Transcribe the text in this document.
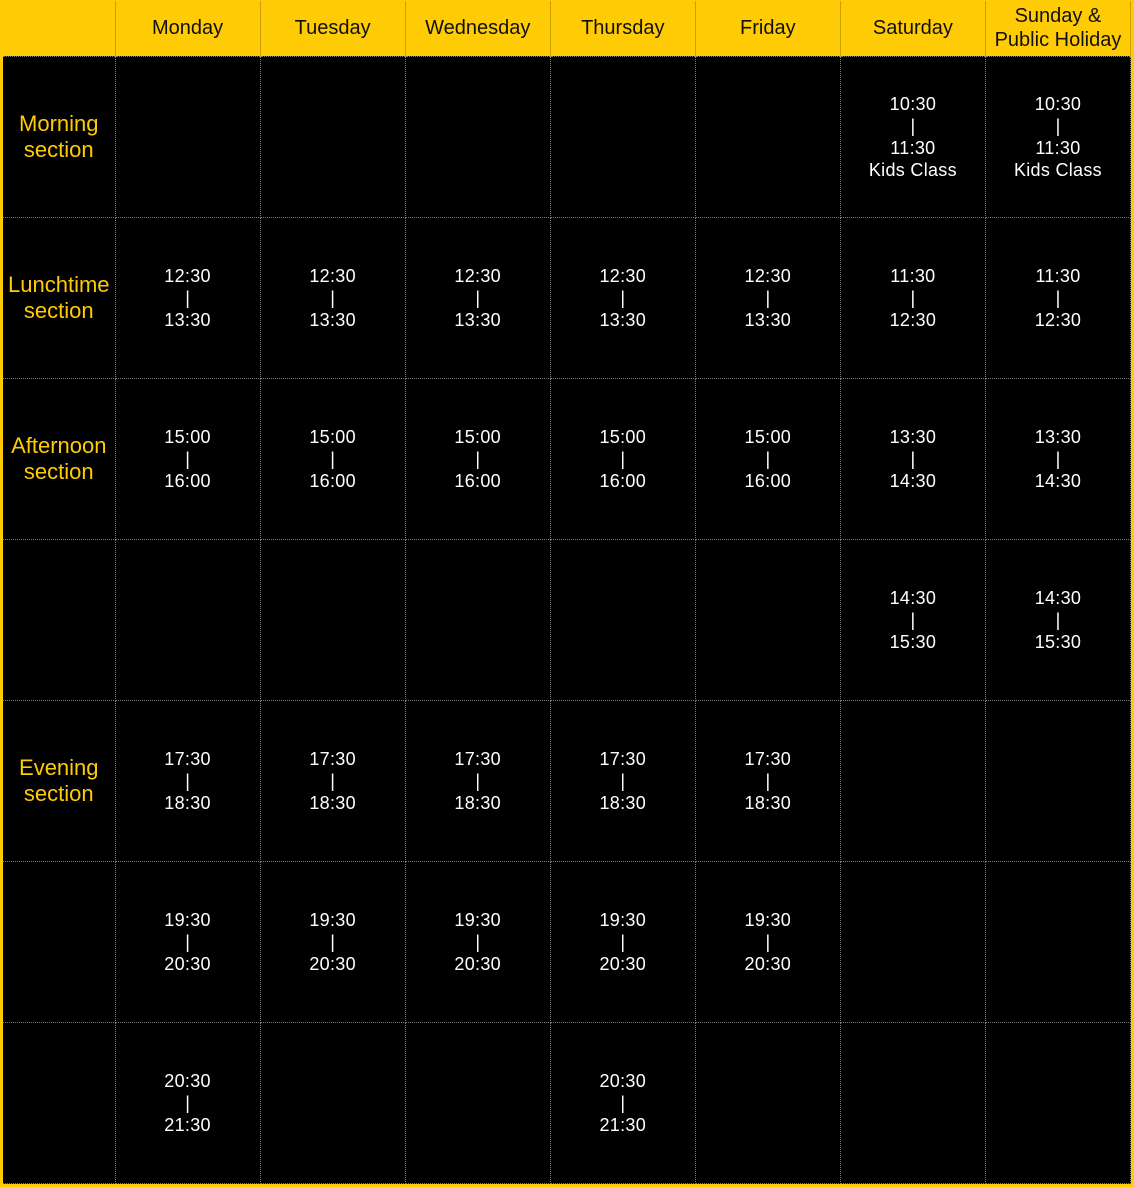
	Monday	Tuesday	Wednesday	Thursday	Friday	Saturday	Sunday &
Public Holiday

Morning
section						10:30
|
11:30
Kids Class	10:30
|
11:30
Kids Class

Lunchtime
section	12:30
|
13:30	12:30
|
13:30	12:30
|
13:30	12:30
|
13:30	12:30
|
13:30	11:30
|
12:30	11:30
|
12:30

Afternoon
section	15:00
|
16:00	15:00
|
16:00	15:00
|
16:00	15:00
|
16:00	15:00
|
16:00	13:30
|
14:30	13:30
|
14:30

						14:30
|
15:30	14:30
|
15:30

Evening
section	17:30
|
18:30	17:30
|
18:30	17:30
|
18:30	17:30
|
18:30	17:30
|
18:30		

	19:30
|
20:30	19:30
|
20:30	19:30
|
20:30	19:30
|
20:30	19:30
|
20:30		

	20:30
|
21:30			20:30
|
21:30			
